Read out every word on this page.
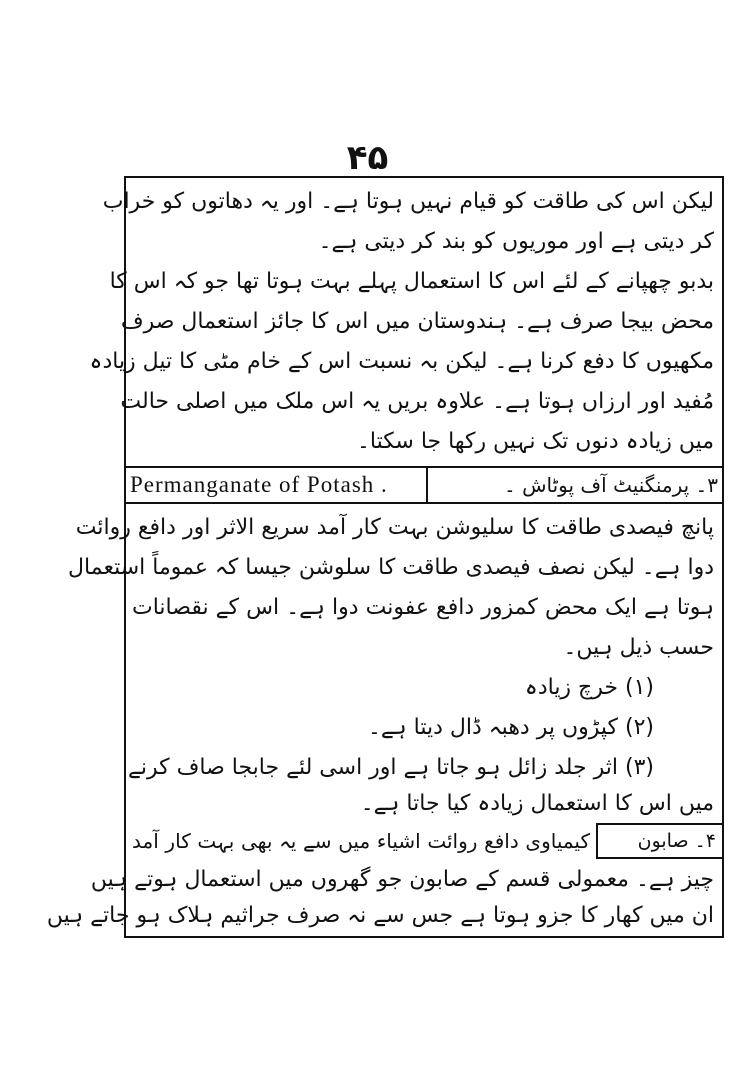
۴۵
لیکن اس کی طاقت کو قیام نہیں ہوتا ہے۔ اور یہ دھاتوں کو خراب
کر دیتی ہے اور موریوں کو بند کر دیتی ہے۔
بدبو چھپانے کے لئے اس کا استعمال پہلے بہت ہوتا تھا جو کہ اس کا
محض بیجا صرف ہے۔ ہندوستان میں اس کا جائز استعمال صرف
مکھیوں کا دفع کرنا ہے۔ لیکن بہ نسبت اس کے خام مٹی کا تیل زیادہ
مُفید اور ارزاں ہوتا ہے۔ علاوہ بریں یہ اس ملک میں اصلی حالت
میں زیادہ دنوں تک نہیں رکھا جا سکتا۔
Permanganate of Potash .	۳۔ پرمنگنیٹ آف پوٹاش ۔
پانچ فیصدی طاقت کا سلیوشن بہت کار آمد سریع الاثر اور دافع روائت
دوا ہے۔ لیکن نصف فیصدی طاقت کا سلوشن جیسا کہ عموماً استعمال
ہوتا ہے ایک محض کمزور دافع عفونت دوا ہے۔ اس کے نقصانات
حسب ذیل ہیں۔
(۱) خرچ زیادہ
(۲) کپڑوں پر دھبہ ڈال دیتا ہے۔
(۳) اثر جلد زائل ہو جاتا ہے اور اسی لئے جابجا صاف کرنے
میں اس کا استعمال زیادہ کیا جاتا ہے۔
۴۔ صابون
کیمیاوی دافع روائت اشیاء میں سے یہ بھی بہت کار آمد
چیز ہے۔ معمولی قسم کے صابون جو گھروں میں استعمال ہوتے ہیں
ان میں کھار کا جزو ہوتا ہے جس سے نہ صرف جراثیم ہلاک ہو جاتے ہیں
